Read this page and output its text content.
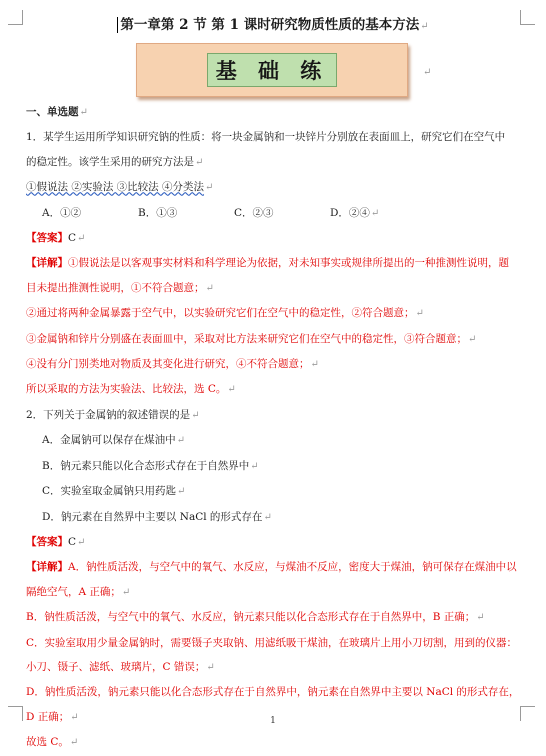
第一章第 2 节 第 1 课时研究物质性质的基本方法↵
基 础 练	↵
一、单选题↵
1．某学生运用所学知识研究钠的性质：将一块金属钠和一块锌片分别放在表面皿上，研究它们在空气中
的稳定性。该学生采用的研究方法是↵
①假说法 ②实验法 ③比较法 ④分类法↵
A．①②	B．①③	C．②③	D．②④↵
【答案】C↵
【详解】①假说法是以客观事实材料和科学理论为依据，对未知事实或规律所提出的一种推测性说明，题
目未提出推测性说明，①不符合题意；↵
②通过将两种金属暴露于空气中，以实验研究它们在空气中的稳定性，②符合题意；↵
③金属钠和锌片分别盛在表面皿中，采取对比方法来研究它们在空气中的稳定性，③符合题意；↵
④没有分门别类地对物质及其变化进行研究，④不符合题意；↵
所以采取的方法为实验法、比较法，选 C。↵
2．下列关于金属钠的叙述错误的是↵
A．金属钠可以保存在煤油中↵
B．钠元素只能以化合态形式存在于自然界中↵
C．实验室取金属钠只用药匙↵
D．钠元素在自然界中主要以 NaCl 的形式存在↵
【答案】C↵
【详解】A．钠性质活泼，与空气中的氧气、水反应，与煤油不反应，密度大于煤油，钠可保存在煤油中以
隔绝空气，A 正确；↵
B．钠性质活泼，与空气中的氧气、水反应，钠元素只能以化合态形式存在于自然界中，B 正确；↵
C．实验室取用少量金属钠时，需要镊子夹取钠、用滤纸吸干煤油，在玻璃片上用小刀切割，用到的仪器：
小刀、镊子、滤纸、玻璃片，C 错误；↵
D．钠性质活泼，钠元素只能以化合态形式存在于自然界中，钠元素在自然界中主要以 NaCl 的形式存在，
D 正确；↵
故选 C。↵
1
